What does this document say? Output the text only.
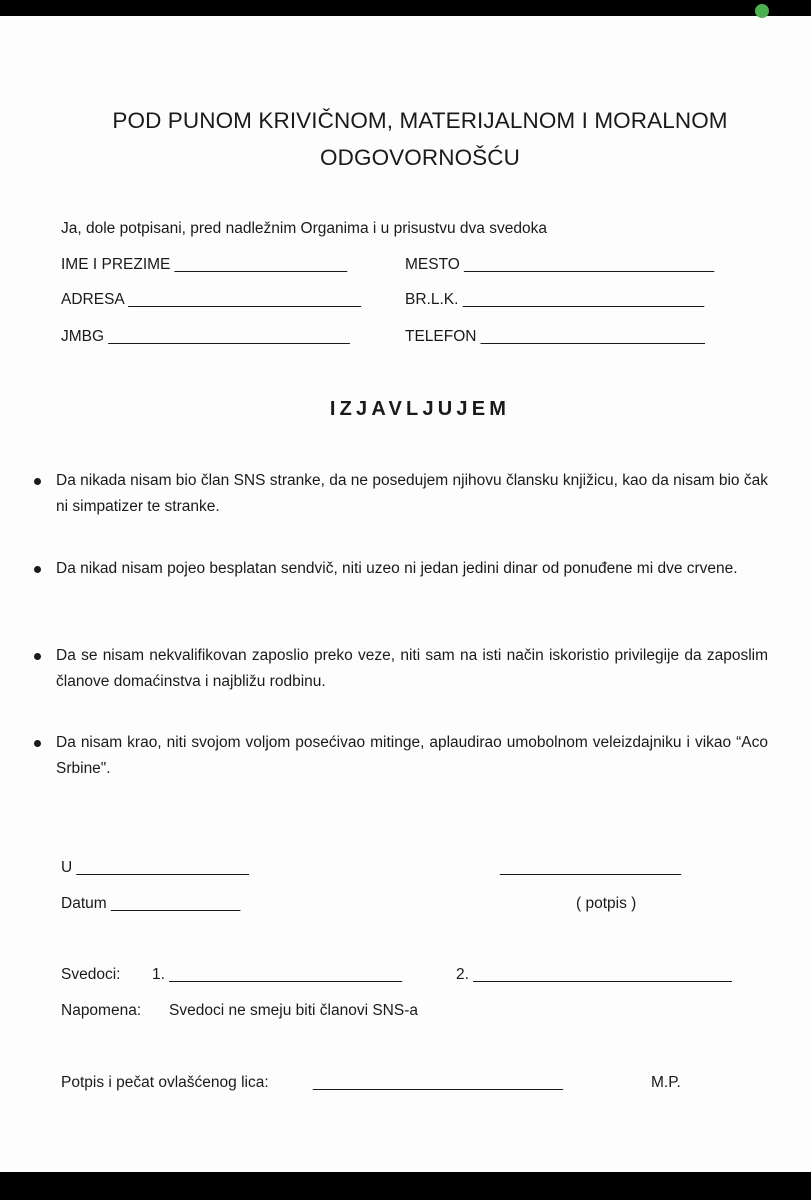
POD PUNOM KRIVIČNOM, MATERIJALNOM I MORALNOM
ODGOVORNOŠĆU
Ja, dole potpisani, pred nadležnim Organima i u prisustvu dva svedoka
IME I PREZIME ____________________	MESTO _____________________________
ADRESA ___________________________	BR.L.K. ____________________________
JMBG ____________________________	TELEFON __________________________
IZJAVLJUJEM
Da nikada nisam bio član SNS stranke, da ne posedujem njihovu člansku knjižicu, kao da nisam bio čak ni simpatizer te stranke.
Da nikad nisam pojeo besplatan sendvič, niti uzeo ni jedan jedini dinar od ponuđene mi dve crvene.
Da se nisam nekvalifikovan zaposlio preko veze, niti sam na isti način iskoristio privilegije da zaposlim članove domaćinstva i najbližu rodbinu.
Da nisam krao, niti svojom voljom posećivao mitinge, aplaudirao umobolnom veleizdajniku i vikao “Aco Srbine".
U ____________________	_____________________
Datum _______________	( potpis )
Svedoci: 1. ___________________________	2. ______________________________
Napomena: Svedoci ne smeju biti članovi SNS-a
Potpis i pečat ovlašćenog lica:	_____________________________	M.P.
